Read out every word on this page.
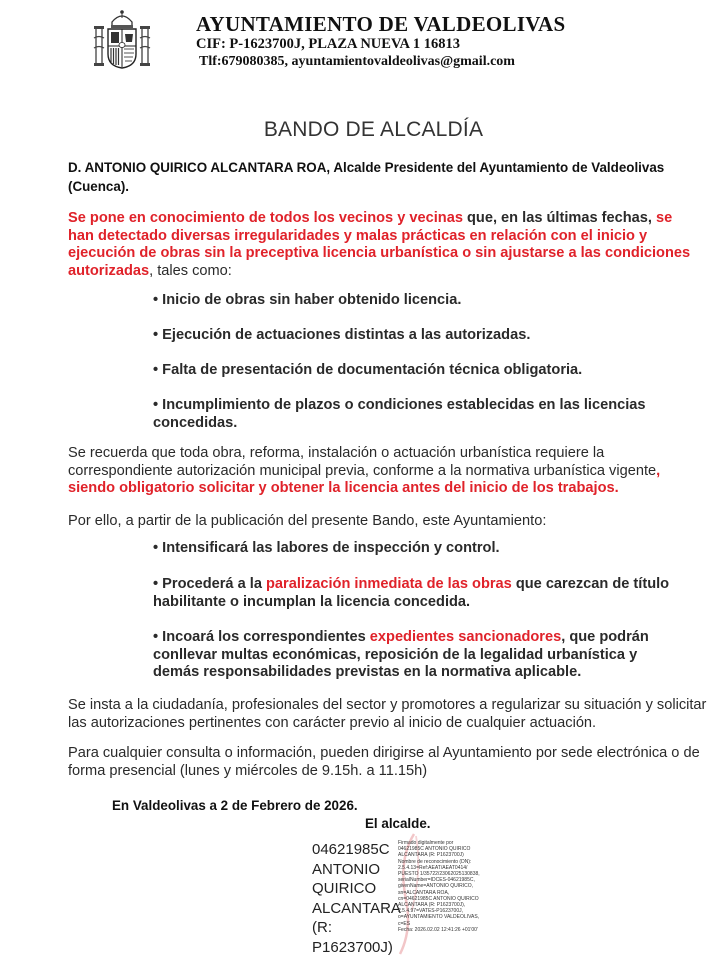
AYUNTAMIENTO DE VALDEOLIVAS
CIF: P-1623700J, PLAZA NUEVA 1 16813
Tlf:679080385, ayuntamientovaldeolivas@gmail.com
BANDO DE ALCALDÍA
D. ANTONIO QUIRICO ALCANTARA ROA, Alcalde Presidente del Ayuntamiento de Valdeolivas (Cuenca).
Se pone en conocimiento de todos los vecinos y vecinas que, en las últimas fechas, se han detectado diversas irregularidades y malas prácticas en relación con el inicio y ejecución de obras sin la preceptiva licencia urbanística o sin ajustarse a las condiciones autorizadas, tales como:
• Inicio de obras sin haber obtenido licencia.
• Ejecución de actuaciones distintas a las autorizadas.
• Falta de presentación de documentación técnica obligatoria.
• Incumplimiento de plazos o condiciones establecidas en las licencias concedidas.
Se recuerda que toda obra, reforma, instalación o actuación urbanística requiere la correspondiente autorización municipal previa, conforme a la normativa urbanística vigente, siendo obligatorio solicitar y obtener la licencia antes del inicio de los trabajos.
Por ello, a partir de la publicación del presente Bando, este Ayuntamiento:
• Intensificará las labores de inspección y control.
• Procederá a la paralización inmediata de las obras que carezcan de título habilitante o incumplan la licencia concedida.
• Incoará los correspondientes expedientes sancionadores, que podrán conllevar multas económicas, reposición de la legalidad urbanística y demás responsabilidades previstas en la normativa aplicable.
Se insta a la ciudadanía, profesionales del sector y promotores a regularizar su situación y solicitar las autorizaciones pertinentes con carácter previo al inicio de cualquier actuación.
Para cualquier consulta o información, pueden dirigirse al Ayuntamiento por sede electrónica o de forma presencial (lunes y miércoles de 9.15h. a 11.15h)
En Valdeolivas a 2 de Febrero de 2026.
El alcalde.
04621985C
ANTONIO
QUIRICO
ALCANTARA
(R:
P1623700J)
Firmado digitalmente por
04621985C ANTONIO QUIRICO
ALCANTARA (R: P1623700J)
Nombre de reconocimiento (DN):
2.5.4.13=Ref:AEAT/AEAT0414/
PUESTO 1/35722/23062025130838,
serialNumber=IDCES-04621985C,
givenName=ANTONIO QUIRICO,
sn=ALCANTARA ROA,
cn=04621985C ANTONIO QUIRICO
ALCANTARA (R: P1623700J),
2.5.4.97=VATES-P1623700J,
o=AYUNTAMIENTO VALDEOLIVAS,
c=ES
Fecha: 2026.02.02 12:41:26 +01'00'
